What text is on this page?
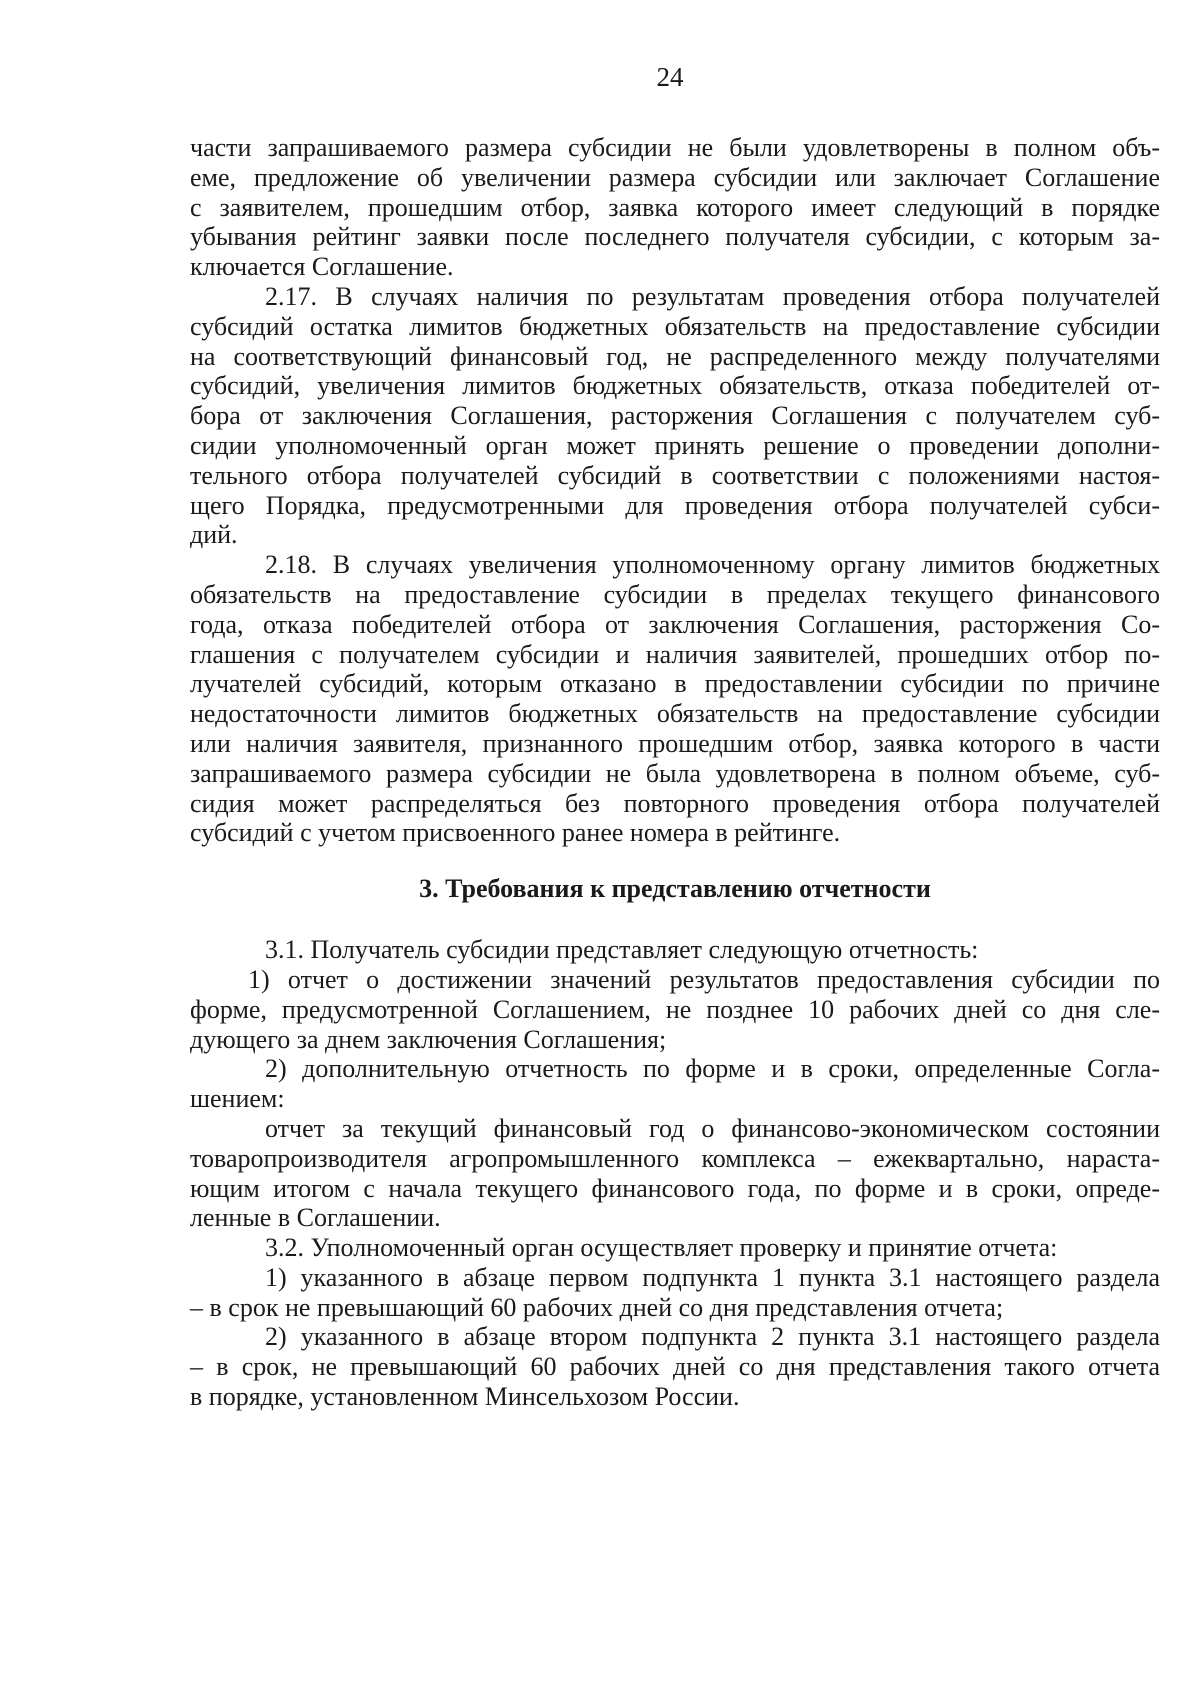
24
части запрашиваемого размера субсидии не были удовлетворены в полном объ-
еме, предложение об увеличении размера субсидии или заключает Соглашение
с заявителем, прошедшим отбор, заявка которого имеет следующий в порядке
убывания рейтинг заявки после последнего получателя субсидии, с которым за-
ключается Соглашение.
2.17. В случаях наличия по результатам проведения отбора получателей
субсидий остатка лимитов бюджетных обязательств на предоставление субсидии
на соответствующий финансовый год, не распределенного между получателями
субсидий, увеличения лимитов бюджетных обязательств, отказа победителей от-
бора от заключения Соглашения, расторжения Соглашения с получателем суб-
сидии уполномоченный орган может принять решение о проведении дополни-
тельного отбора получателей субсидий в соответствии с положениями настоя-
щего Порядка, предусмотренными для проведения отбора получателей субси-
дий.
2.18. В случаях увеличения уполномоченному органу лимитов бюджетных
обязательств на предоставление субсидии в пределах текущего финансового
года, отказа победителей отбора от заключения Соглашения, расторжения Со-
глашения с получателем субсидии и наличия заявителей, прошедших отбор по-
лучателей субсидий, которым отказано в предоставлении субсидии по причине
недостаточности лимитов бюджетных обязательств на предоставление субсидии
или наличия заявителя, признанного прошедшим отбор, заявка которого в части
запрашиваемого размера субсидии не была удовлетворена в полном объеме, суб-
сидия может распределяться без повторного проведения отбора получателей
субсидий с учетом присвоенного ранее номера в рейтинге.
3. Требования к представлению отчетности
3.1. Получатель субсидии представляет следующую отчетность:
1) отчет о достижении значений результатов предоставления субсидии по
форме, предусмотренной Соглашением, не позднее 10 рабочих дней со дня сле-
дующего за днем заключения Соглашения;
2) дополнительную отчетность по форме и в сроки, определенные Согла-
шением:
отчет за текущий финансовый год о финансово-экономическом состоянии
товаропроизводителя агропромышленного комплекса – ежеквартально, нараста-
ющим итогом с начала текущего финансового года, по форме и в сроки, опреде-
ленные в Соглашении.
3.2. Уполномоченный орган осуществляет проверку и принятие отчета:
1) указанного в абзаце первом подпункта 1 пункта 3.1 настоящего раздела
– в срок не превышающий 60 рабочих дней со дня представления отчета;
2) указанного в абзаце втором подпункта 2 пункта 3.1 настоящего раздела
– в срок, не превышающий 60 рабочих дней со дня представления такого отчета
в порядке, установленном Минсельхозом России.
